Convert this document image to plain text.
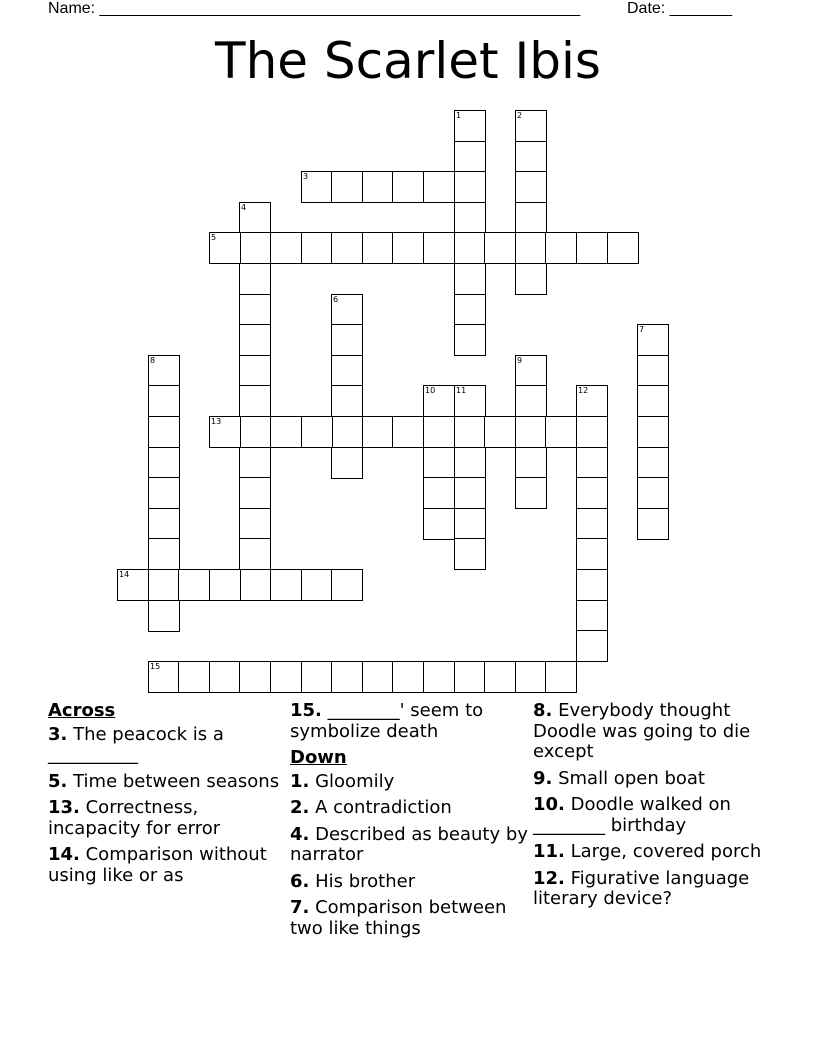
Name: ______________________________________________________	Date: _______
The Scarlet Ibis
1	2
3
4
5
6
7
8	9
10	11	12
13
14
15
Across
3. The peacock is a __________
5. Time between seasons
13. Correctness, incapacity for error
14. Comparison without using like or as
15. ________' seem to symbolize death
Down
1. Gloomily
2. A contradiction
4. Described as beauty by narrator
6. His brother
7. Comparison between two like things
8. Everybody thought Doodle was going to die except
9. Small open boat
10. Doodle walked on ________ birthday
11. Large, covered porch
12. Figurative language literary device?
